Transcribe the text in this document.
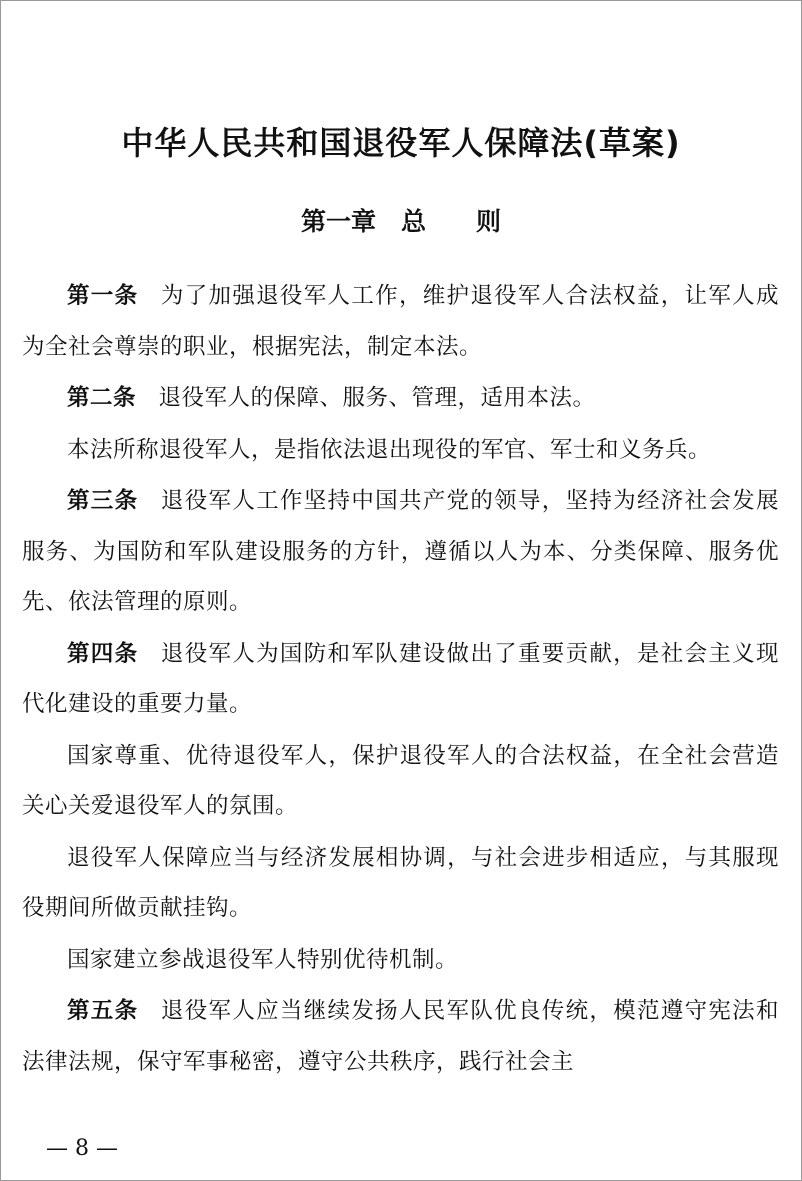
中华人民共和国退役军人保障法(草案)
第一章　总　　则

第一条 为了加强退役军人工作，维护退役军人合法权益，让军人成为全社会尊崇的职业，根据宪法，制定本法。

第二条 退役军人的保障、服务、管理，适用本法。

本法所称退役军人，是指依法退出现役的军官、军士和义务兵。

第三条 退役军人工作坚持中国共产党的领导，坚持为经济社会发展服务、为国防和军队建设服务的方针，遵循以人为本、分类保障、服务优先、依法管理的原则。

第四条 退役军人为国防和军队建设做出了重要贡献，是社会主义现代化建设的重要力量。

国家尊重、优待退役军人，保护退役军人的合法权益，在全社会营造关心关爱退役军人的氛围。

退役军人保障应当与经济发展相协调，与社会进步相适应，与其服现役期间所做贡献挂钩。

国家建立参战退役军人特别优待机制。

第五条 退役军人应当继续发扬人民军队优良传统，模范遵守宪法和法律法规，保守军事秘密，遵守公共秩序，践行社会主

— 8 —
